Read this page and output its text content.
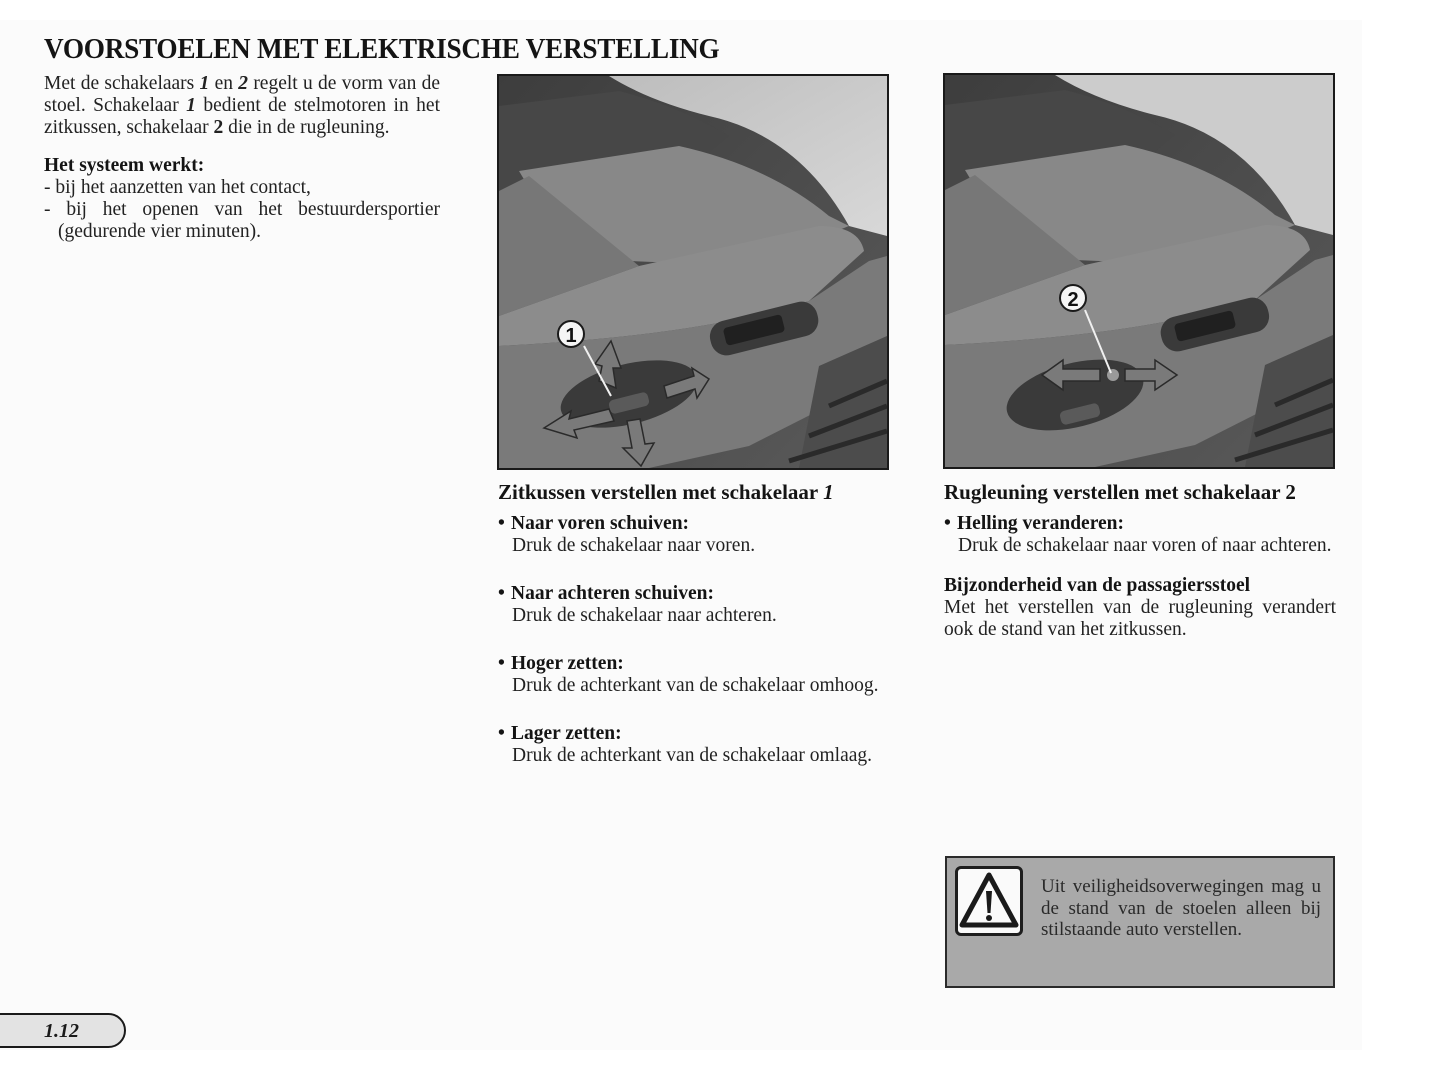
VOORSTOELEN MET ELEKTRISCHE VERSTELLING

Met de schakelaars 1 en 2 regelt u de vorm van de stoel. Schakelaar 1 bedient de stelmotoren in het zitkussen, schakelaar 2 die in de rugleuning.

Het systeem werkt:

- bij het aanzetten van het contact,

- bij het openen van het bestuurdersportier (gedurende vier minuten).

1
2

Zitkussen verstellen met schakelaar 1

• Naar voren schuiven:

Druk de schakelaar naar voren.

• Naar achteren schuiven:

Druk de schakelaar naar achteren.

• Hoger zetten:

Druk de achterkant van de schakelaar omhoog.

• Lager zetten:

Druk de achterkant van de schakelaar omlaag.

Rugleuning verstellen met schakelaar 2

• Helling veranderen:

Druk de schakelaar naar voren of naar achteren.

Bijzonderheid van de passagiersstoel

Met het verstellen van de rugleuning verandert ook de stand van het zitkussen.

Uit veiligheidsoverwegingen mag u de stand van de stoelen alleen bij stilstaande auto verstellen.
1.12
